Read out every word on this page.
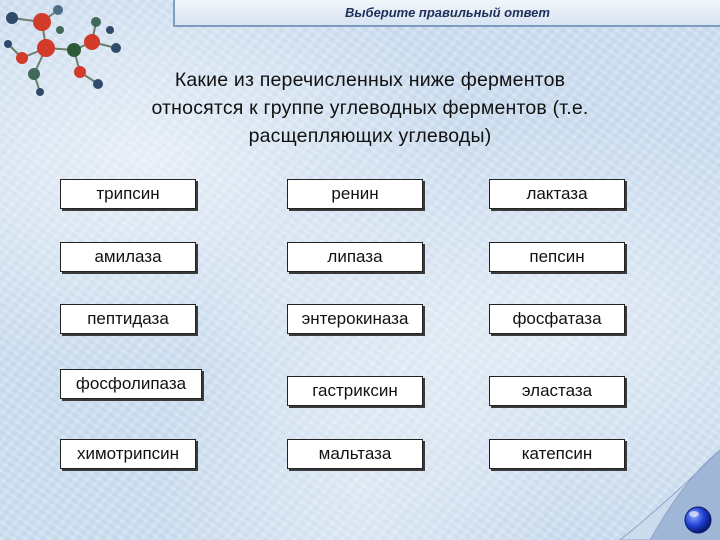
Выберите правильный ответ
Какие из перечисленных ниже ферментов
относятся к группе углеводных ферментов (т.е.
расщепляющих углеводы)
трипсин	ренин	лактаза
амилаза	липаза	пепсин
пептидаза	энтерокиназа	фосфатаза
фосфолипаза	гастриксин	эластаза
химотрипсин	мальтаза	катепсин
